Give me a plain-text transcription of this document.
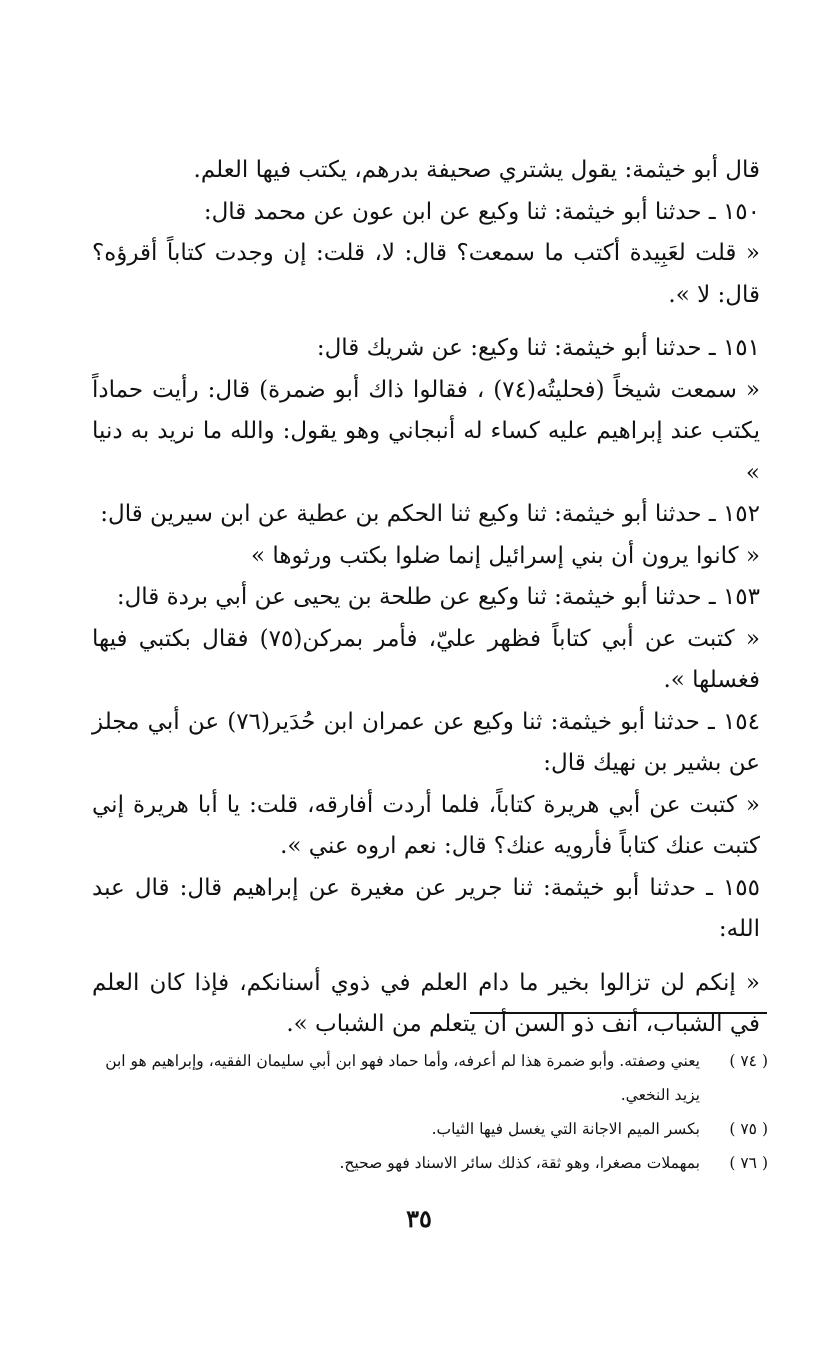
قال أبو خيثمة: يقول يشتري صحيفة بدرهم، يكتب فيها العلم.

١٥٠ ـ حدثنا أبو خيثمة: ثنا وكيع عن ابن عون عن محمد قال:

« قلت لعَبِيدة أكتب ما سمعت؟ قال: لا، قلت: إن وجدت كتاباً أقرؤه؟ قال: لا ».

١٥١ ـ حدثنا أبو خيثمة: ثنا وكيع: عن شريك قال:

« سمعت شيخاً (فحليتُه(٧٤) ، فقالوا ذاك أبو ضمرة) قال: رأيت حماداً يكتب عند إبراهيم عليه كساء له أنبجاني وهو يقول: والله ما نريد به دنيا »

١٥٢ ـ حدثنا أبو خيثمة: ثنا وكيع ثنا الحكم بن عطية عن ابن سيرين قال:

« كانوا يرون أن بني إسرائيل إنما ضلوا بكتب ورثوها »

١٥٣ ـ حدثنا أبو خيثمة: ثنا وكيع عن طلحة بن يحيى عن أبي بردة قال:

« كتبت عن أبي كتاباً فظهر عليّ، فأمر بمركن(٧٥) فقال بكتبي فيها فغسلها ».

١٥٤ ـ حدثنا أبو خيثمة: ثنا وكيع عن عمران ابن حُدَير(٧٦) عن أبي مجلز عن بشير بن نهيك قال:

« كتبت عن أبي هريرة كتاباً، فلما أردت أفارقه، قلت: يا أبا هريرة إني كتبت عنك كتاباً فأرويه عنك؟ قال: نعم اروه عني ».

١٥٥ ـ حدثنا أبو خيثمة: ثنا جرير عن مغيرة عن إبراهيم قال: قال عبد الله:

« إنكم لن تزالوا بخير ما دام العلم في ذوي أسنانكم، فإذا كان العلم في الشباب، أنف ذو السن أن يتعلم من الشباب ».

( ٧٤ )
يعني وصفته. وأبو ضمرة هذا لم أعرفه، وأما حماد فهو ابن أبي سليمان الفقيه، وإبراهيم هو ابن يزيد النخعي.
( ٧٥ )
بكسر الميم الاجانة التي يغسل فيها الثياب.
( ٧٦ )
بمهملات مصغرا، وهو ثقة، كذلك سائر الاسناد فهو صحيح.
٣٥
